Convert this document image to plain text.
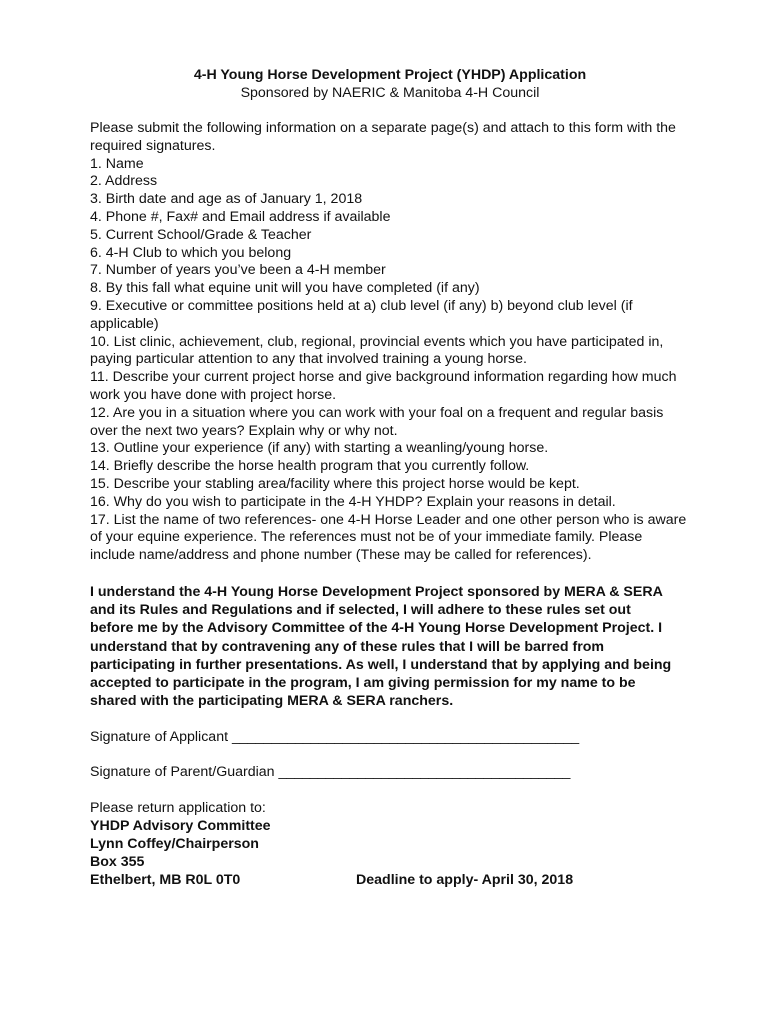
4-H Young Horse Development Project (YHDP) Application

Sponsored by NAERIC & Manitoba 4-H Council

Please submit the following information on a separate page(s) and attach to this form with the required signatures.

1. Name
2. Address
3. Birth date and age as of January 1, 2018
4. Phone #, Fax# and Email address if available
5. Current School/Grade & Teacher
6. 4-H Club to which you belong
7. Number of years you’ve been a 4-H member
8. By this fall what equine unit will you have completed (if any)
9. Executive or committee positions held at a) club level (if any) b) beyond club level (if applicable)
10. List clinic, achievement, club, regional, provincial events which you have participated in, paying particular attention to any that involved training a young horse.
11. Describe your current project horse and give background information regarding how much work you have done with project horse.
12. Are you in a situation where you can work with your foal on a frequent and regular basis over the next two years? Explain why or why not.
13. Outline your experience (if any) with starting a weanling/young horse.
14. Briefly describe the horse health program that you currently follow.
15. Describe your stabling area/facility where this project horse would be kept.
16. Why do you wish to participate in the 4-H YHDP? Explain your reasons in detail.
17. List the name of two references- one 4-H Horse Leader and one other person who is aware of your equine experience. The references must not be of your immediate family. Please include name/address and phone number (These may be called for references).

I understand the 4-H Young Horse Development Project sponsored by MERA & SERA and its Rules and Regulations and if selected, I will adhere to these rules set out before me by the Advisory Committee of the 4-H Young Horse Development Project. I understand that by contravening any of these rules that I will be barred from participating in further presentations. As well, I understand that by applying and being accepted to participate in the program, I am giving permission for my name to be shared with the participating MERA & SERA ranchers.

Signature of Applicant ____________________________________________

Signature of Parent/Guardian _____________________________________

Please return application to:
YHDP Advisory Committee
Lynn Coffey/Chairperson
Box 355
Ethelbert, MB R0L 0T0	Deadline to apply- April 30, 2018
